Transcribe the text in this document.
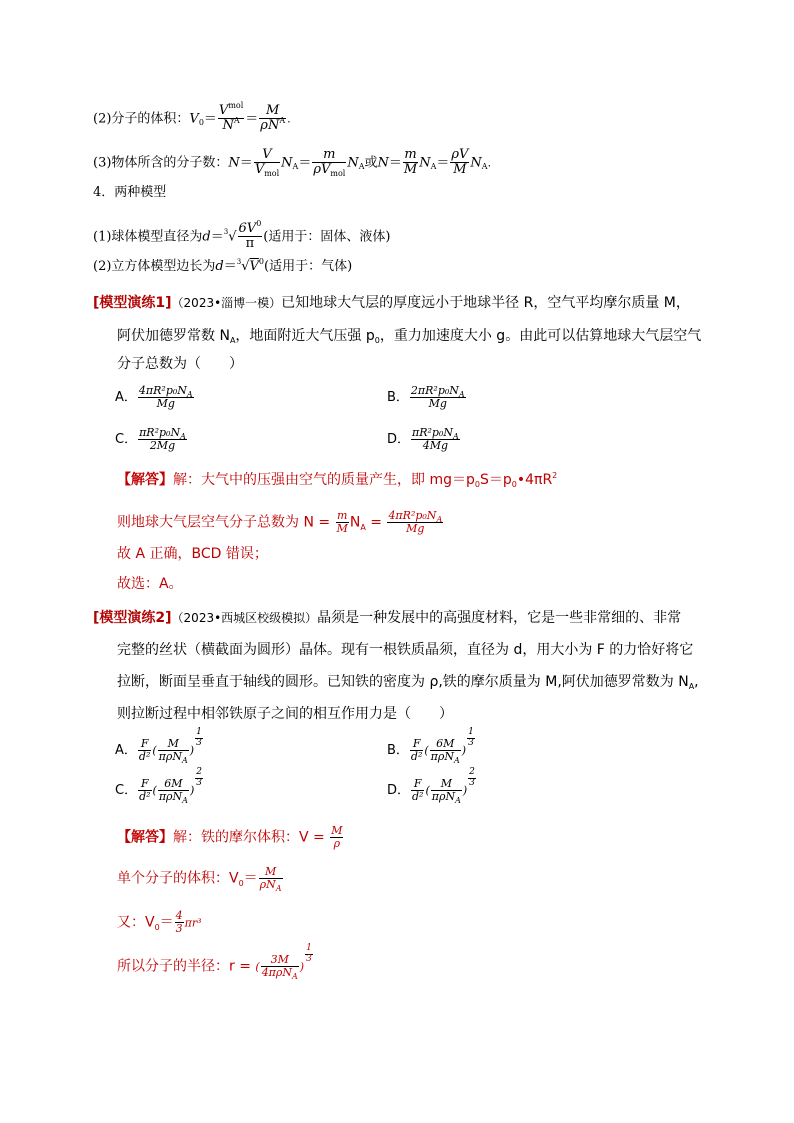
(2)分子的体积：$V_0= \frac{V^{mol}}{N^A} = \frac{M}{\rho N^A}$ .
(3)物体所含的分子数：$N= \frac{V}{V_{mol}} N_A= \frac{m}{\rho V_{mol}} N_A$或$N= \frac{m}{M} N_A= \frac{\rho V}{M} N_A$.
4．两种模型
(1)球体模型直径为$d=^3√ \frac{6V^0}{\pi}$ (适用于：固体、液体)
(2)立方体模型边长为$d=^3√V^0$(适用于：气体)
[模型演练1]（2023•淄博一模）已知地球大气层的厚度远小于地球半径 R，空气平均摩尔质量 M，
阿伏加德罗常数 $N_A$，地面附近大气压强 $p_0$，重力加速度大小 g。由此可以估算地球大气层空气
分子总数为（　　）
A． $\frac{4\pi R^2p_0N_A}{Mg}$	B． $\frac{2\pi R^2p_0N_A}{Mg}$
C． $\frac{\pi R^2p_0N_A}{2Mg}$	D． $\frac{\pi R^2p_0N_A}{4Mg}$
【解答】解：大气中的压强由空气的质量产生，即 $mg=p_0S=p_0•4\pi R^2$
则地球大气层空气分子总数为 $N = \frac{m}{M} N_A = \frac{4\pi R^2p_0N_A}{Mg}$
故 A 正确，BCD 错误；
故选：A。
[模型演练2]（2023•西城区校级模拟）晶须是一种发展中的高强度材料，它是一些非常细的、非常
完整的丝状（横截面为圆形）晶体。现有一根铁质晶须，直径为 d，用大小为 F 的力恰好将它
拉断，断面呈垂直于轴线的圆形。已知铁的密度为 ρ,铁的摩尔质量为 M,阿伏加德罗常数为 $N_A$,
则拉断过程中相邻铁原子之间的相互作用力是（　　）
A． $\frac{F}{\text{d²}}$ ( $\frac{M}{\pi\rho N_A}$ )
$\frac{1}{3}$
B． $\frac{F}{\text{d²}}$ ( $\frac{6M}{\pi\rho N_A}$ )
$\frac{1}{3}$
C． $\frac{F}{\text{d²}}$ ( $\frac{6M}{\pi\rho N_A}$ )
$\frac{2}{3}$
D． $\frac{F}{\text{d²}}$ ( $\frac{M}{\pi\rho N_A}$ )
$\frac{2}{3}$
【解答】解：铁的摩尔体积：$V = \frac{M}{\rho}$
单个分子的体积：$V_0= \frac{M}{\rho N_A}$
又：$V_0= \frac{4}{3} \pi r^3$
所以分子的半径：r = ( $\frac{3M}{4\pi\rho N_A}$ )
$\frac{1}{3}$
